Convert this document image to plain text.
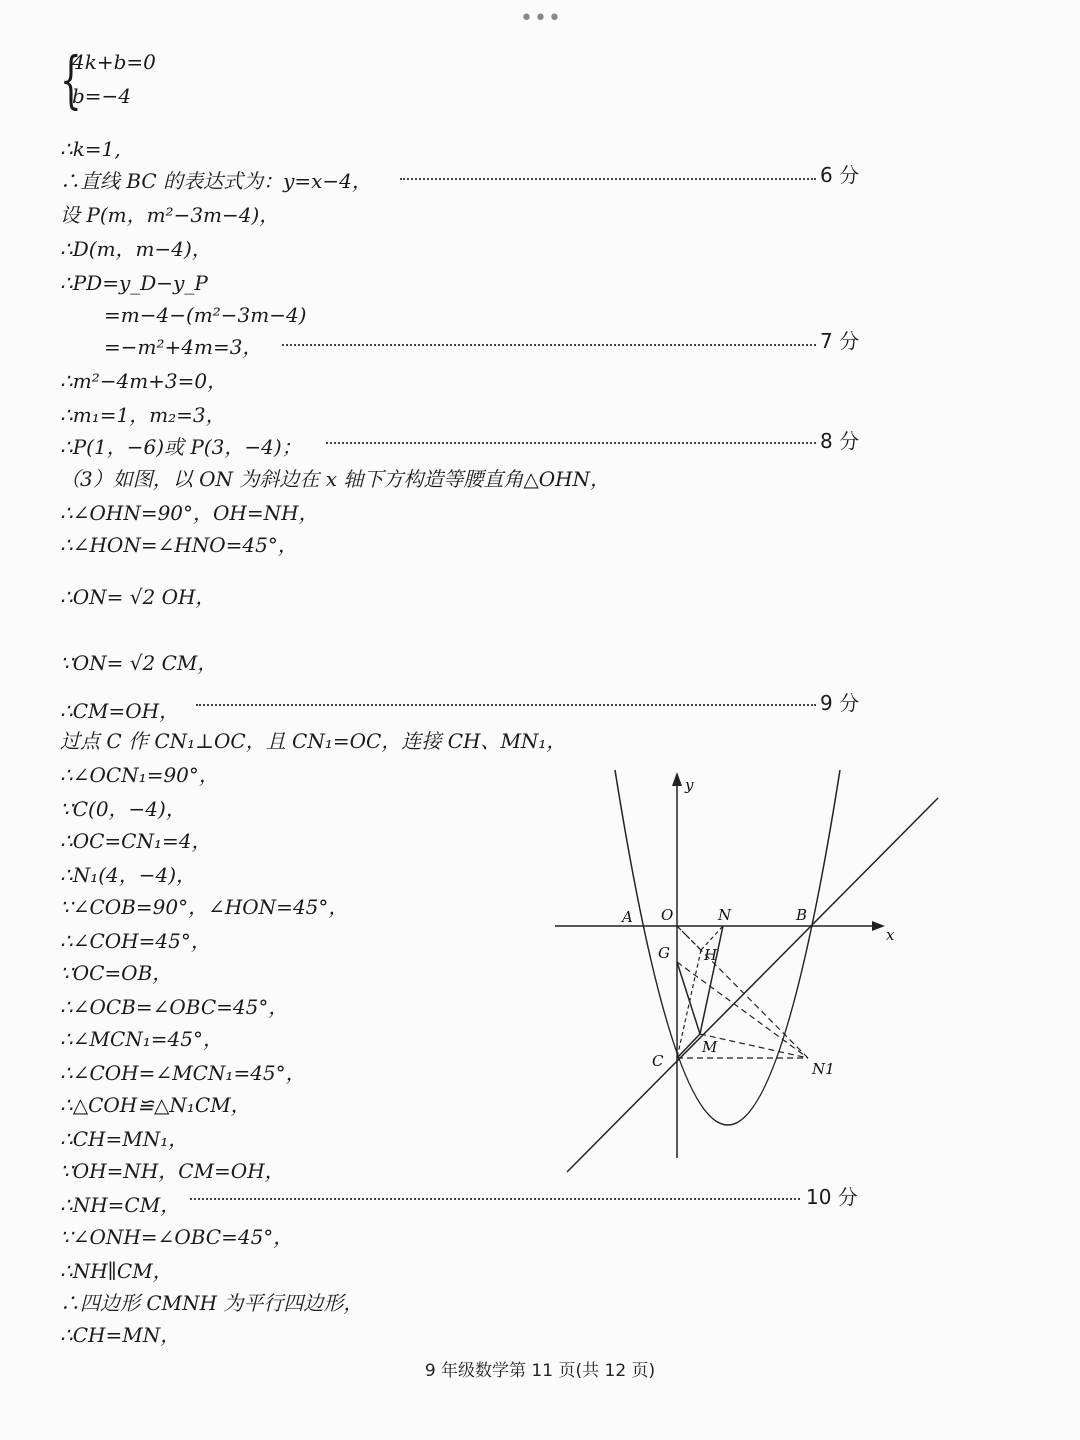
•••
{
4k+b=0
b=−4
∴k=1,
∴直线 BC 的表达式为：y=x−4，
设 P(m，m²−3m−4)，
∴D(m，m−4)，
∴PD=y_D−y_P
=m−4−(m²−3m−4)
=−m²+4m=3，
∴m²−4m+3=0，
∴m₁=1，m₂=3，
∴P(1，−6)或 P(3，−4)；
（3）如图，以 ON 为斜边在 x 轴下方构造等腰直角△OHN，
∴∠OHN=90°，OH=NH，
∴∠HON=∠HNO=45°，
∴ON= √2 OH，
∵ON= √2 CM，
∴CM=OH，
过点 C 作 CN₁⊥OC，且 CN₁=OC，连接 CH、MN₁，
∴∠OCN₁=90°，
∵C(0，−4)，
∴OC=CN₁=4，
∴N₁(4，−4)，
∵∠COB=90°，∠HON=45°，
∴∠COH=45°，
∵OC=OB，
∴∠OCB=∠OBC=45°，
∴∠MCN₁=45°，
∴∠COH=∠MCN₁=45°，
∴△COH≌△N₁CM，
∴CH=MN₁，
∵OH=NH，CM=OH，
∴NH=CM，
∵∠ONH=∠OBC=45°，
∴NH∥CM，
∴四边形 CMNH 为平行四边形，
∴CH=MN，
6 分
7 分
8 分
9 分
10 分
y
x
A O	N	B
G H
M
C	N1
9 年级数学第 11 页(共 12 页)
